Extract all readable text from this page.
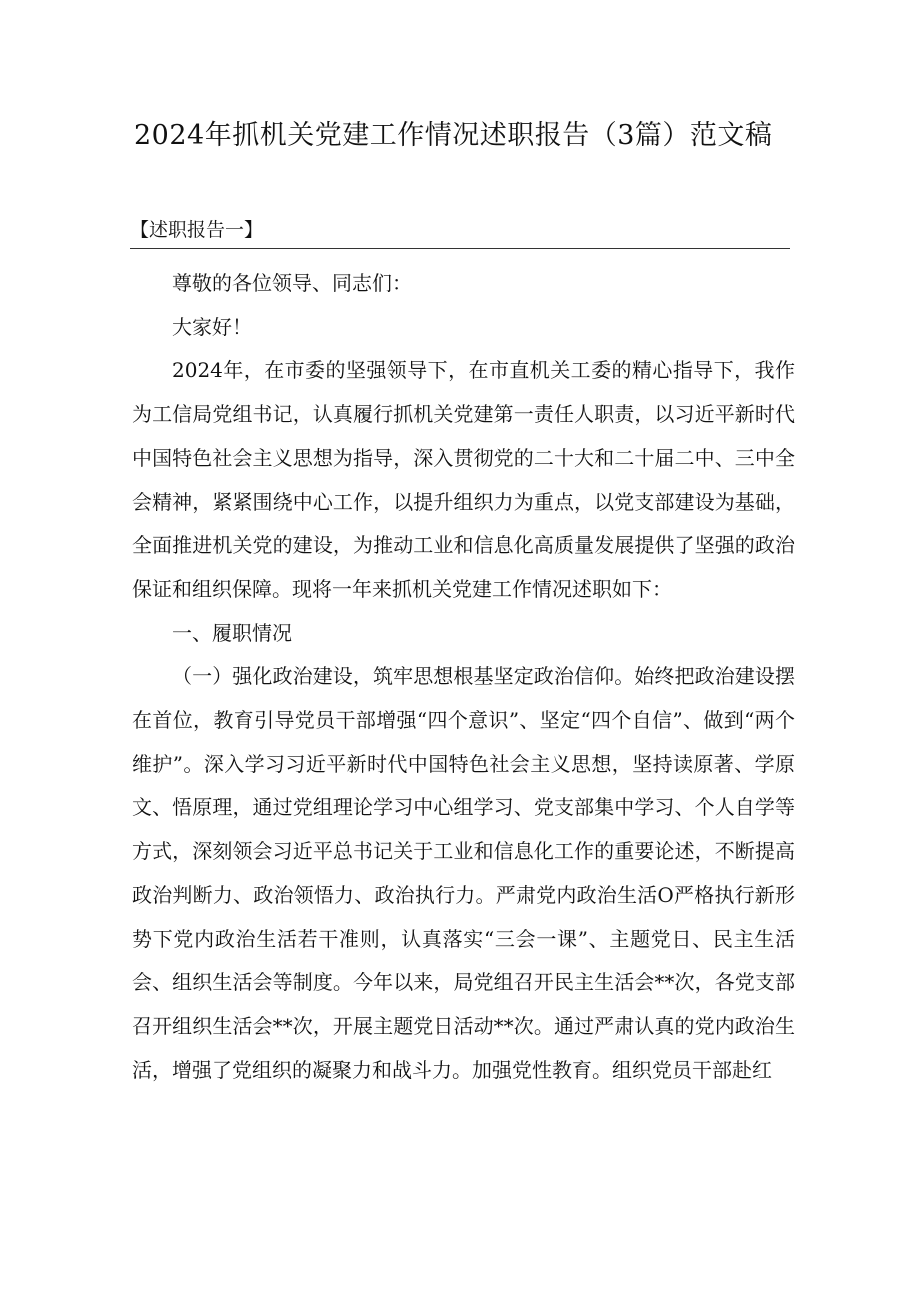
2024年抓机关党建工作情况述职报告（3篇）范文稿
【述职报告一】

尊敬的各位领导、同志们：

大家好！

2024年，在市委的坚强领导下，在市直机关工委的精心指导下，我作为工信局党组书记，认真履行抓机关党建第一责任人职责，以习近平新时代中国特色社会主义思想为指导，深入贯彻党的二十大和二十届二中、三中全会精神，紧紧围绕中心工作，以提升组织力为重点，以党支部建设为基础，全面推进机关党的建设，为推动工业和信息化高质量发展提供了坚强的政治保证和组织保障。现将一年来抓机关党建工作情况述职如下：

一、履职情况

（一）强化政治建设，筑牢思想根基坚定政治信仰。始终把政治建设摆在首位，教育引导党员干部增强“四个意识”、坚定“四个自信”、做到“两个维护”。深入学习习近平新时代中国特色社会主义思想，坚持读原著、学原文、悟原理，通过党组理论学习中心组学习、党支部集中学习、个人自学等方式，深刻领会习近平总书记关于工业和信息化工作的重要论述，不断提高政治判断力、政治领悟力、政治执行力。严肃党内政治生活O严格执行新形势下党内政治生活若干准则，认真落实“三会一课”、主题党日、民主生活会、组织生活会等制度。今年以来，局党组召开民主生活会**次，各党支部召开组织生活会**次，开展主题党日活动**次。通过严肃认真的党内政治生活，增强了党组织的凝聚力和战斗力。加强党性教育。组织党员干部赴红
